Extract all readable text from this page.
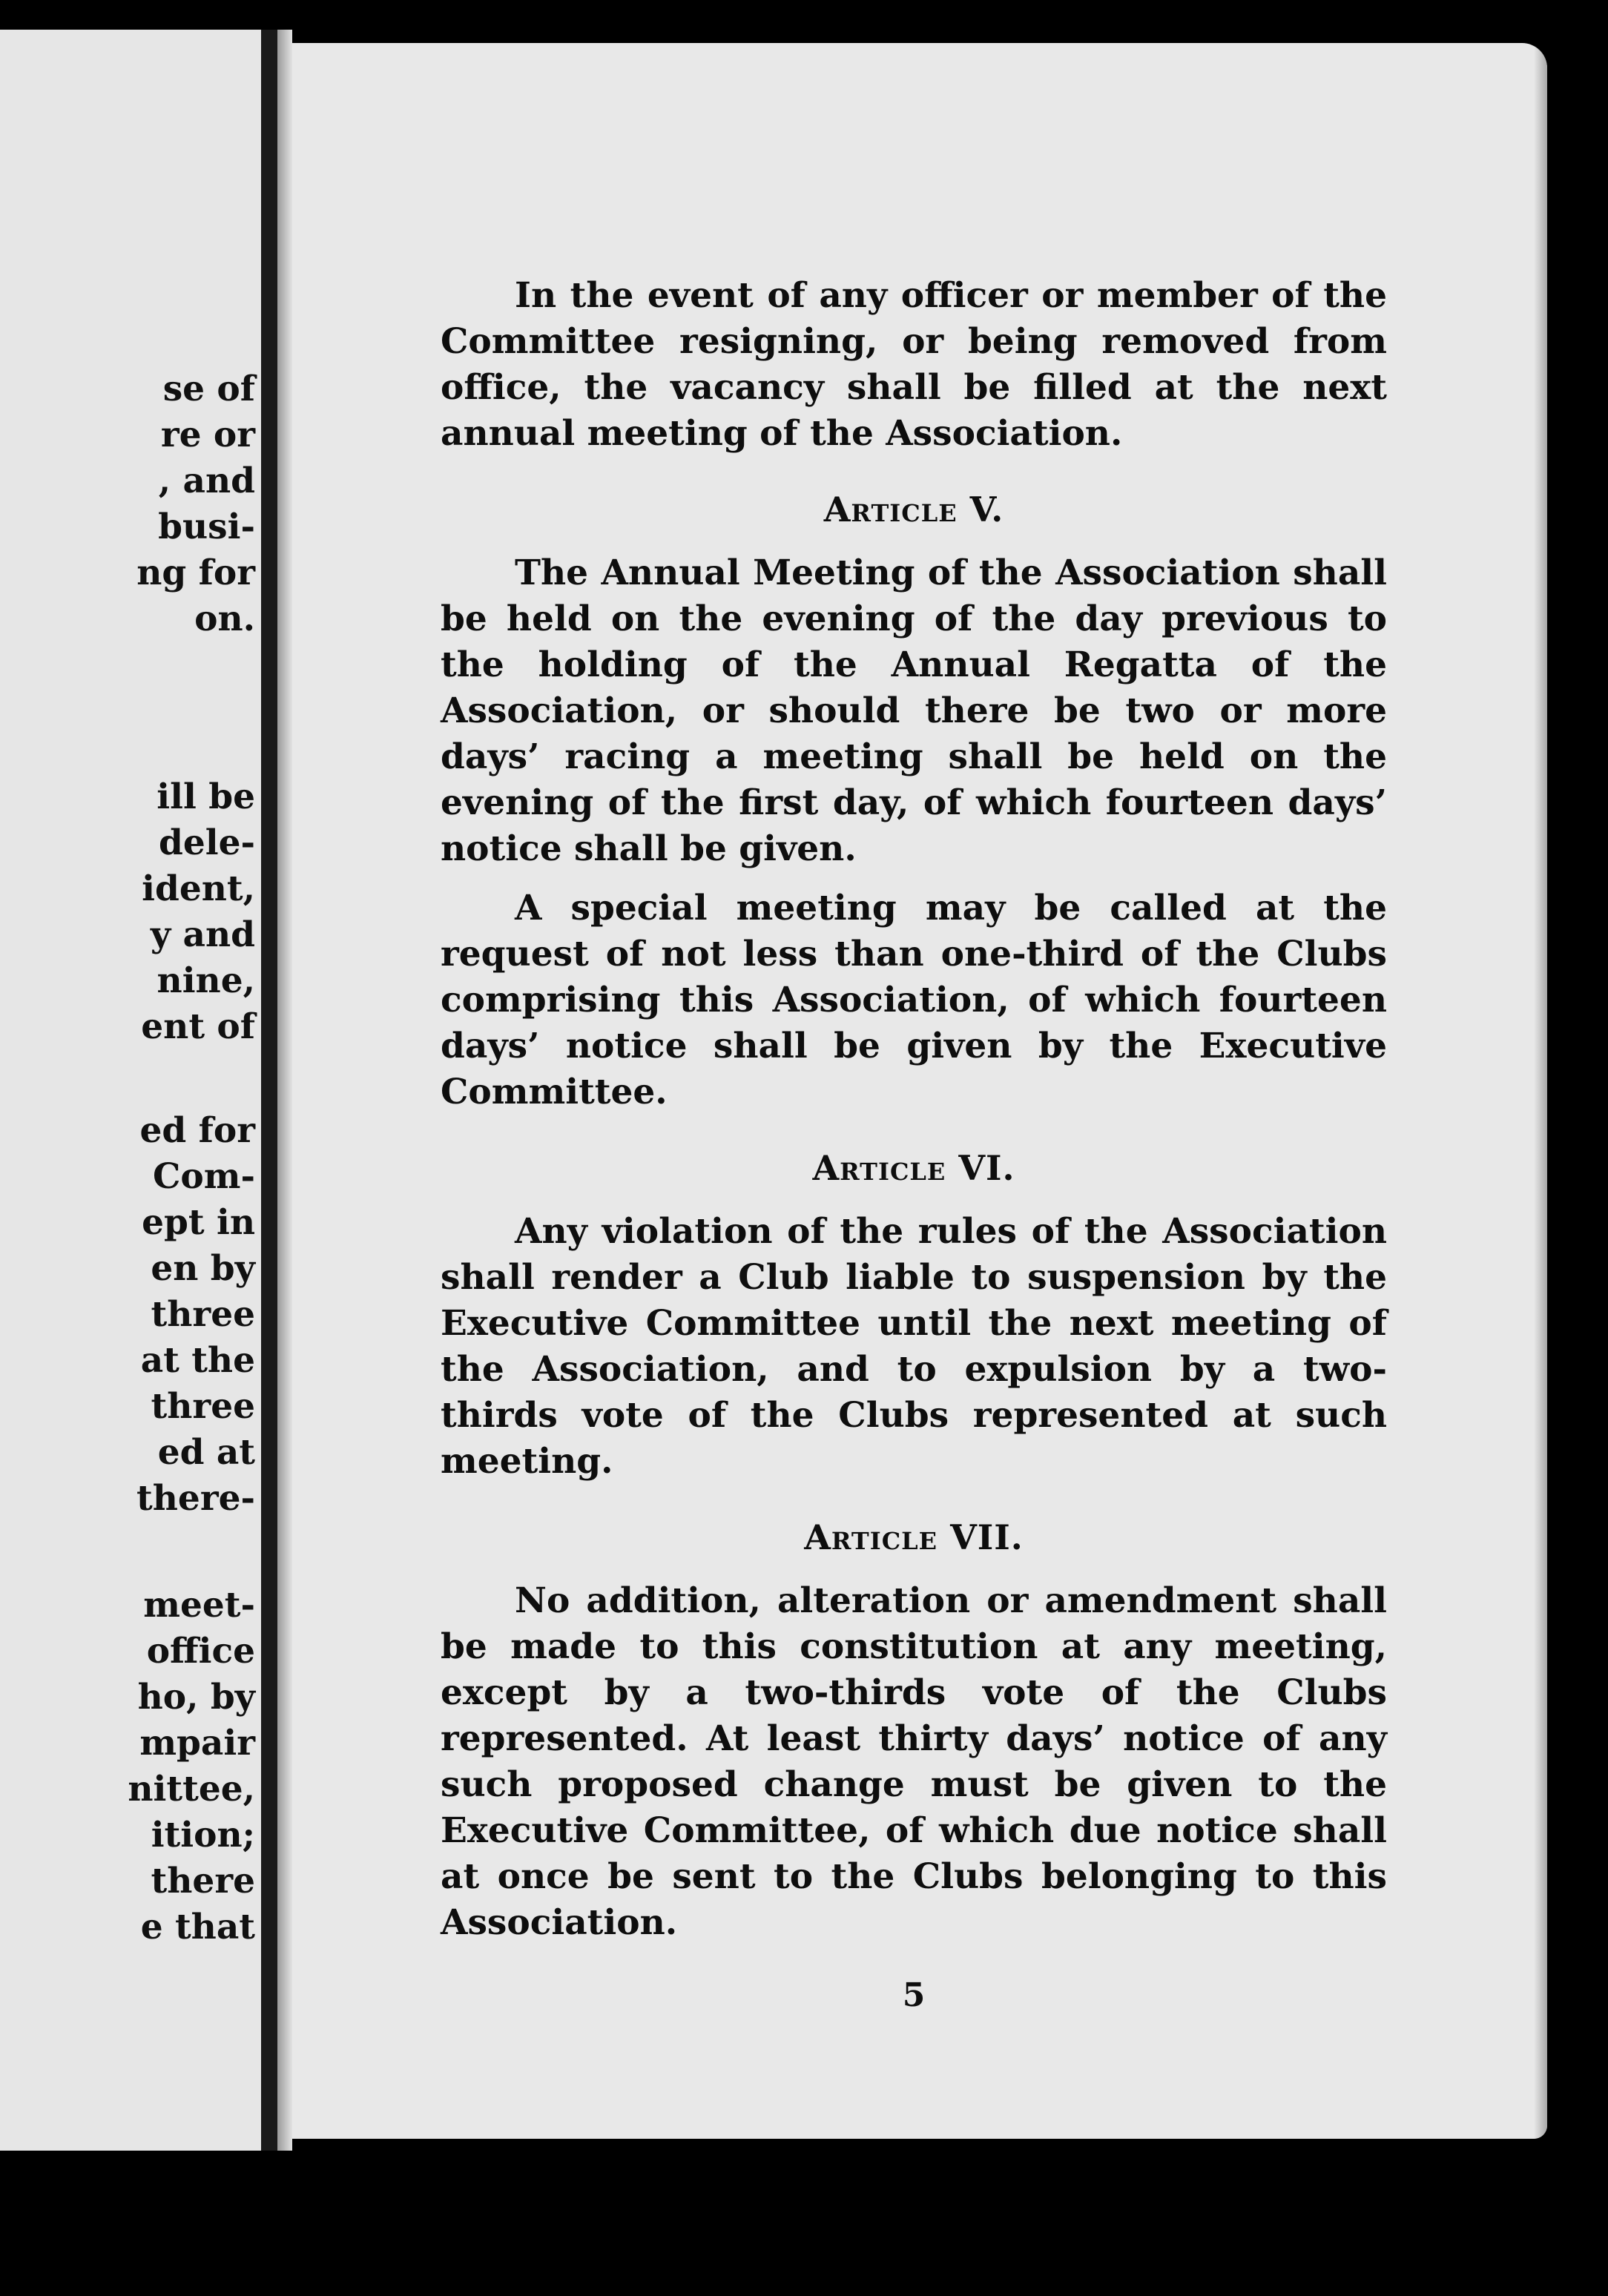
se of
re or
, and
busi-
ng for
on.
ill be
dele-
ident,
y and
nine,
ent of
ed for
Com-
ept in
en by
three
at the
three
ed at
there-
meet-
office
ho, by
mpair
nittee,
ition;
there
e that

In the event of any officer or member of the Committee resigning, or being removed from office, the vacancy shall be filled at the next annual meeting of the Association.

Article V.

The Annual Meeting of the Association shall be held on the evening of the day previous to the holding of the Annual Regatta of the Association, or should there be two or more days’ racing a meeting shall be held on the evening of the first day, of which fourteen days’ notice shall be given.

A special meeting may be called at the request of not less than one-third of the Clubs comprising this Association, of which fourteen days’ notice shall be given by the Executive Committee.

Article VI.

Any violation of the rules of the Association shall render a Club liable to suspension by the Executive Committee until the next meeting of the Association, and to expulsion by a two-thirds vote of the Clubs represented at such meeting.

Article VII.

No addition, alteration or amendment shall be made to this constitution at any meeting, except by a two-thirds vote of the Clubs represented. At least thirty days’ notice of any such proposed change must be given to the Executive Committee, of which due notice shall at once be sent to the Clubs belonging to this Association.

5
